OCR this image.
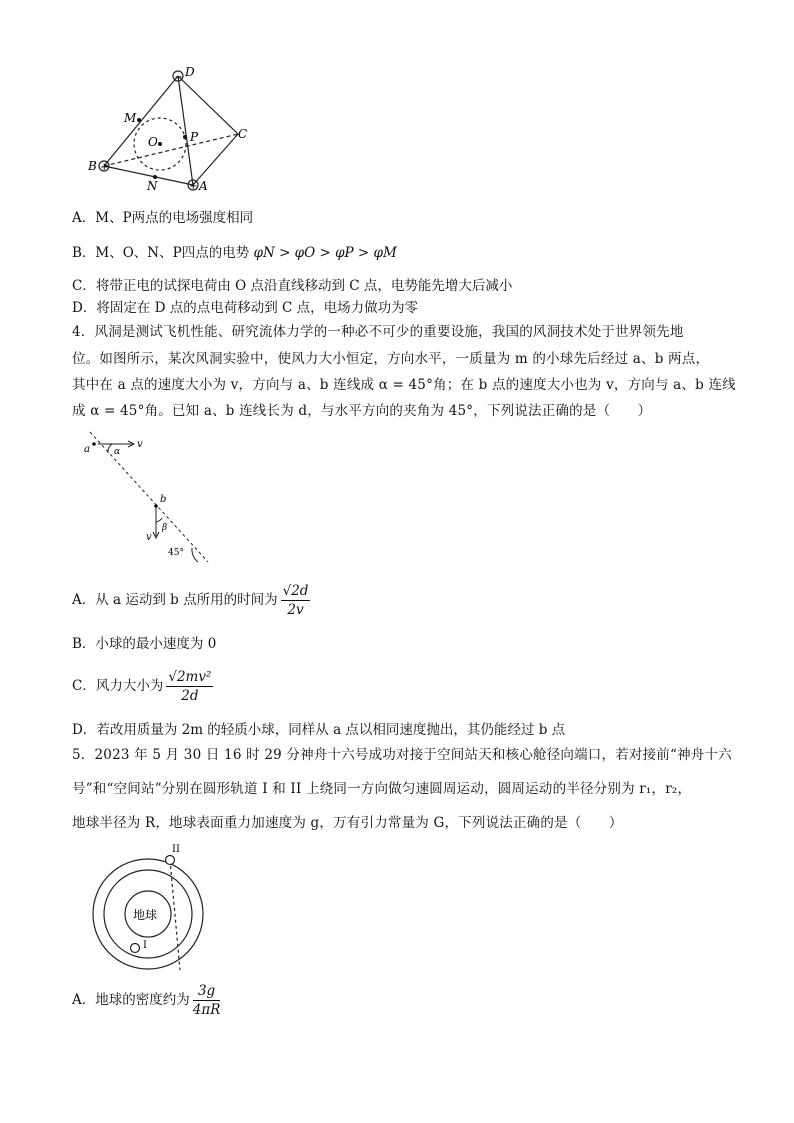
−
+
+
D
M
O	P	C
B
N	A
A．M、P两点的电场强度相同
B．M、O、N、P四点的电势 φN > φO > φP > φM
C．将带正电的试探电荷由 O 点沿直线移动到 C 点，电势能先增大后减小
D．将固定在 D 点的点电荷移动到 C 点，电场力做功为零
4．风洞是测试飞机性能、研究流体力学的一种必不可少的重要设施，我国的风洞技术处于世界领先地
位。如图所示，某次风洞实验中，使风力大小恒定，方向水平，一质量为 m 的小球先后经过 a、b 两点，
其中在 a 点的速度大小为 v，方向与 a、b 连线成 α = 45°角；在 b 点的速度大小也为 v，方向与 a、b 连线
成 α = 45°角。已知 a、b 连线长为 d，与水平方向的夹角为 45°，下列说法正确的是（　　）
a	α
v
b
β
v
45°
A．从 a 运动到 b 点所用的时间为 $\frac{√2d}{2v}$
B．小球的最小速度为 0
C．风力大小为 $\frac{\text{√2mv²}}{2d}$
D．若改用质量为 2m 的轻质小球，同样从 a 点以相同速度抛出，其仍能经过 b 点
5．2023 年 5 月 30 日 16 时 29 分神舟十六号成功对接于空间站天和核心舱径向端口，若对接前“神舟十六
号”和“空间站”分别在圆形轨道 I 和 II 上绕同一方向做匀速圆周运动，圆周运动的半径分别为 r₁，r₂，
地球半径为 R，地球表面重力加速度为 g，万有引力常量为 G，下列说法正确的是（　　）
地球
I
II
A．地球的密度约为 $\frac{3g}{4\pi R}$
